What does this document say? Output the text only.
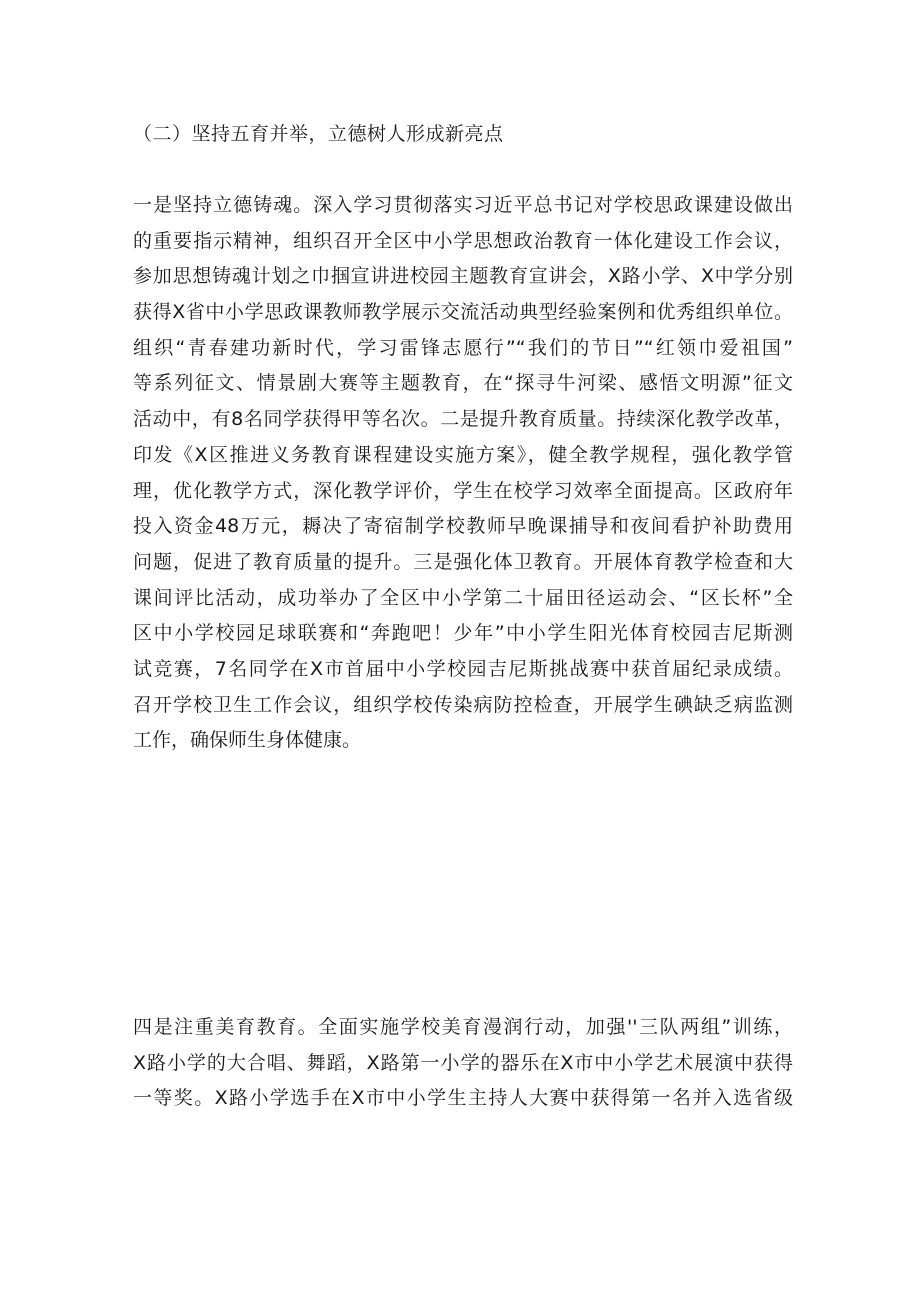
（二）坚持五育并举，立德树人形成新亮点
一是坚持立德铸魂。深入学习贯彻落实习近平总书记对学校思政课建设做出
的重要指示精神，组织召开全区中小学思想政治教育一体化建设工作会议，
参加思想铸魂计划之巾掴宣讲进校园主题教育宣讲会，X路小学、X中学分别
获得X省中小学思政课教师教学展示交流活动典型经验案例和优秀组织单位。
组织“青春建功新时代，学习雷锋志愿行”“我们的节日”“红领巾爱祖国”
等系列征文、情景剧大赛等主题教育，在“探寻牛河梁、感悟文明源”征文
活动中，有8名同学获得甲等名次。二是提升教育质量。持续深化教学改革，
印发《X区推进义务教育课程建设实施方案》，健全教学规程，强化教学管
理，优化教学方式，深化教学评价，学生在校学习效率全面提高。区政府年
投入资金48万元，耨决了寄宿制学校教师早晚课捕导和夜间看护补助费用
问题，促进了教育质量的提升。三是强化体卫教育。开展体育教学检查和大
课间评比活动，成功举办了全区中小学第二十届田径运动会、“区长杯”全
区中小学校园足球联赛和“奔跑吧！少年”中小学生阳光体育校园吉尼斯测
试竞赛，7名同学在X市首届中小学校园吉尼斯挑战赛中获首届纪录成绩。
召开学校卫生工作会议，组织学校传染病防控检查，开展学生碘缺乏病监测
工作，确保师生身体健康。
四是注重美育教育。全面实施学校美育漫润行动，加强''三队两组”训练，
X路小学的大合唱、舞蹈，X路第一小学的器乐在X市中小学艺术展演中获得
一等奖。X路小学选手在X市中小学生主持人大赛中获得第一名并入选省级
